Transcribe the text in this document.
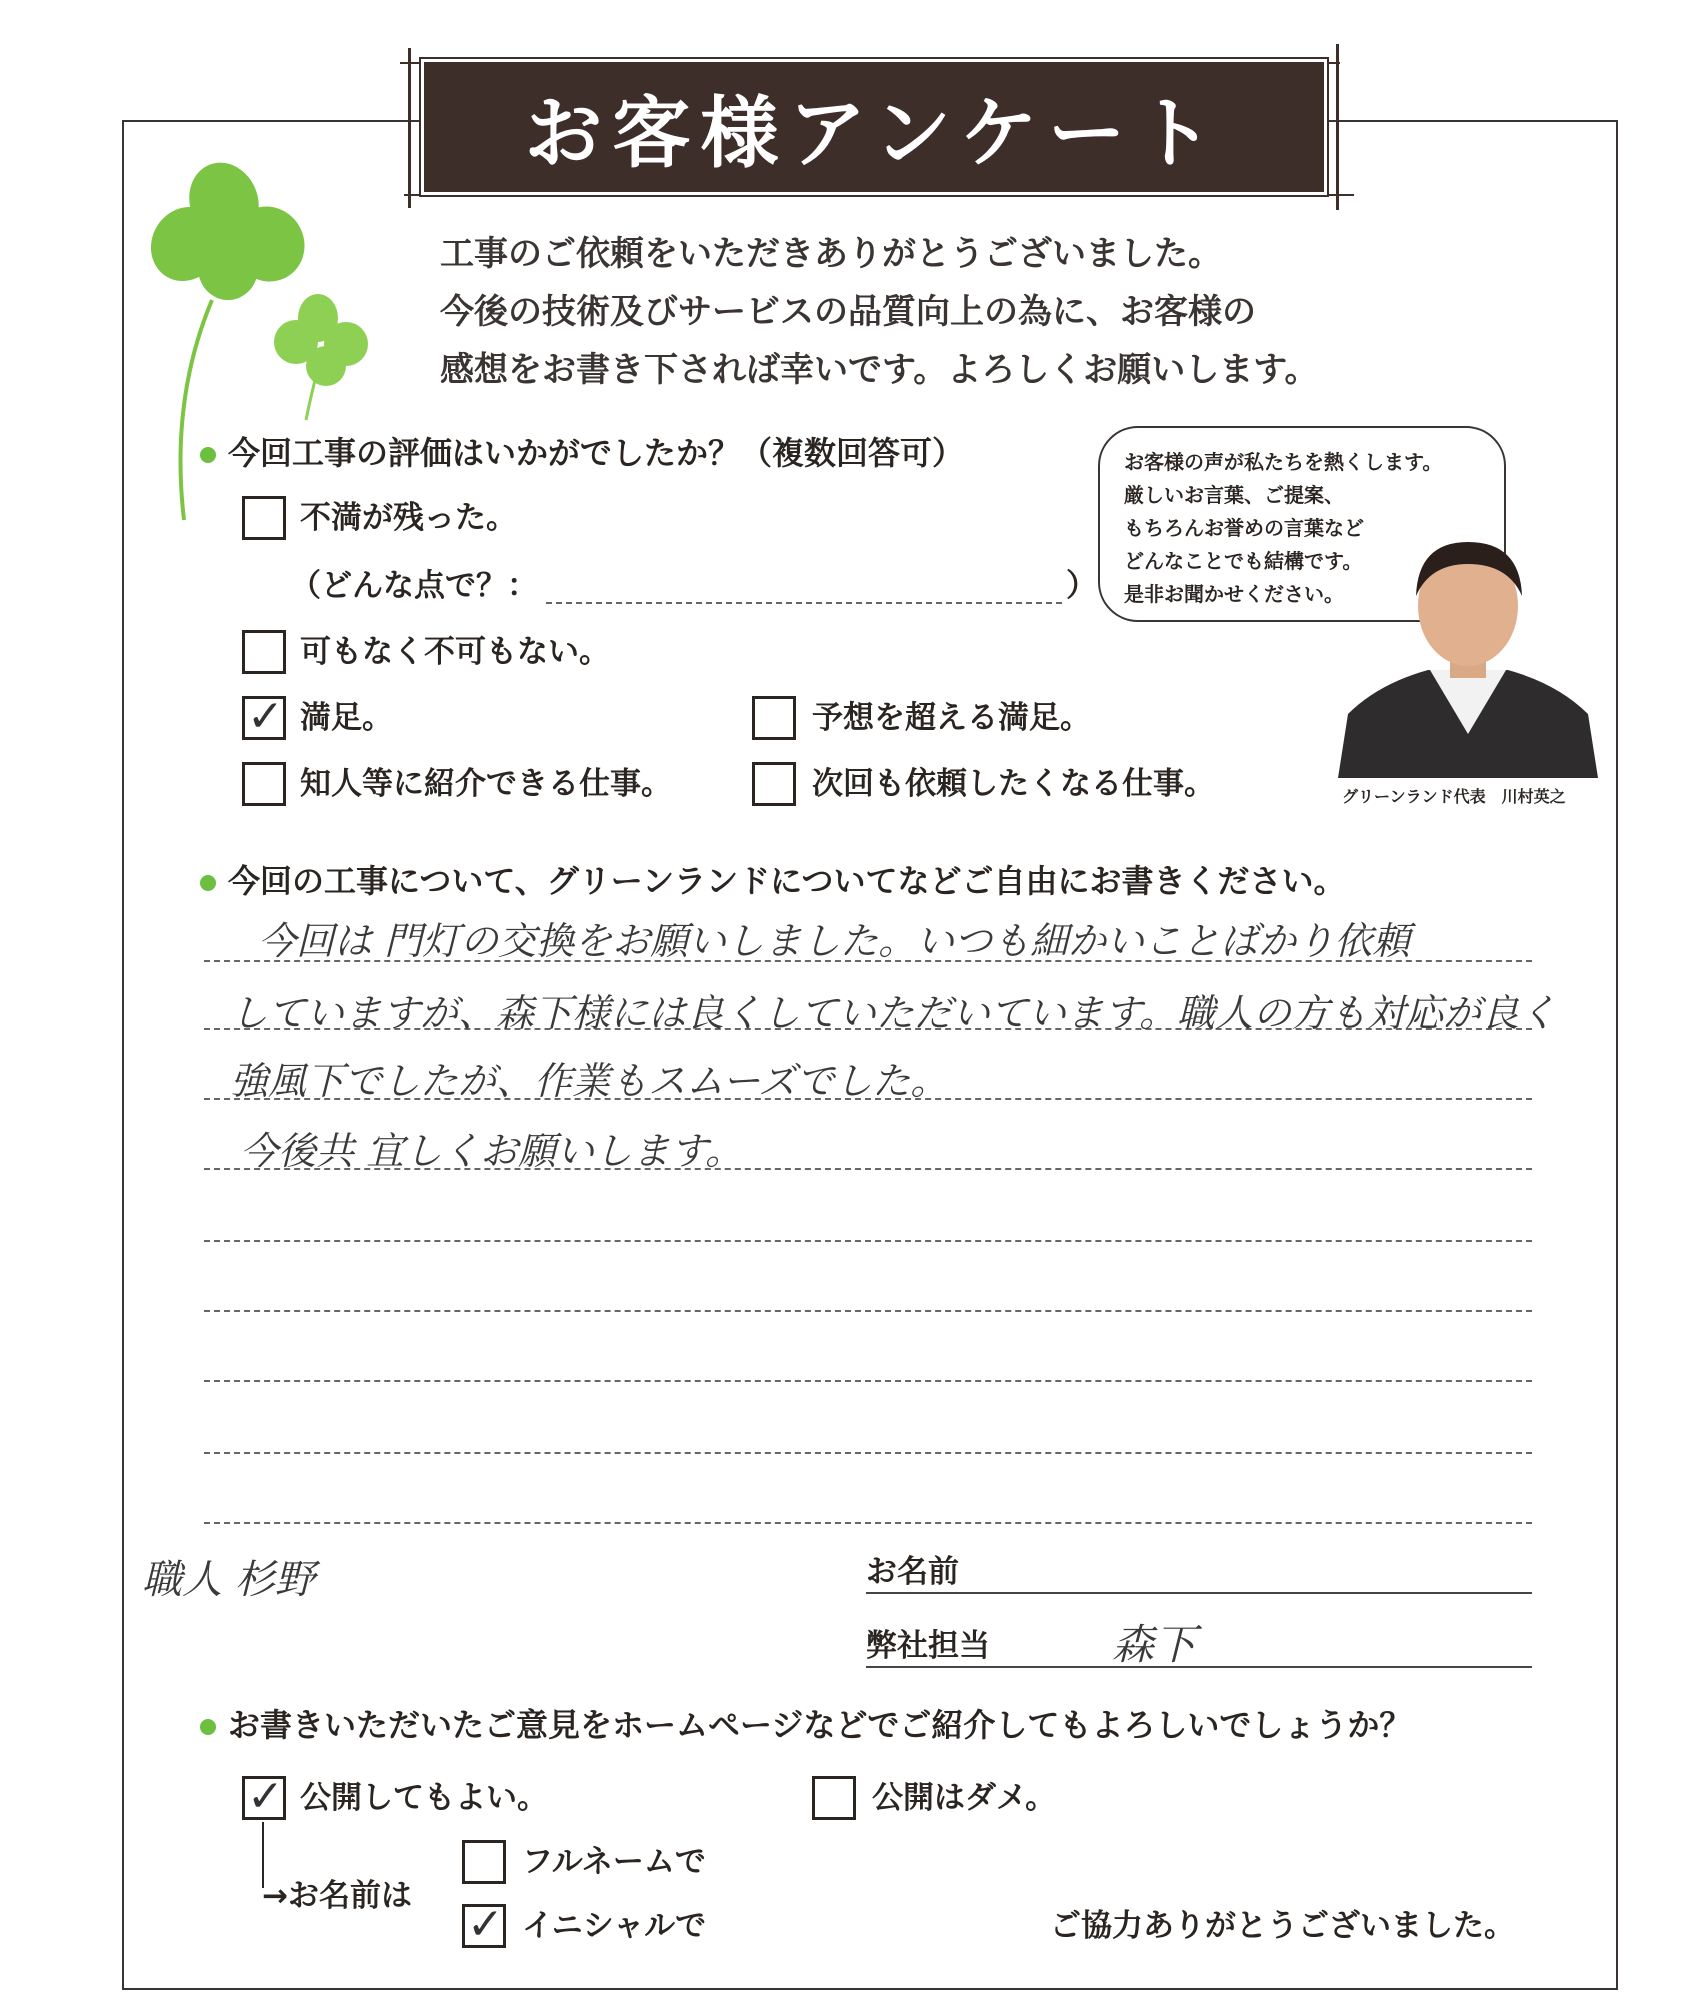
お客様アンケート
工事のご依頼をいただきありがとうございました。
今後の技術及びサービスの品質向上の為に、お客様の
感想をお書き下されば幸いです。よろしくお願いします。
今回工事の評価はいかがでしたか？（複数回答可）
不満が残った。
（どんな点で？：	）
可もなく不可もない。
✓ 満足。	予想を超える満足。
知人等に紹介できる仕事。	次回も依頼したくなる仕事。
お客様の声が私たちを熱くします。
厳しいお言葉、ご提案、
もちろんお誉めの言葉など
どんなことでも結構です。
是非お聞かせください。
グリーンランド代表　川村英之
今回の工事について、グリーンランドについてなどご自由にお書きください。
今回は 門灯の交換をお願いしました。いつも細かいことばかり依頼
していますが、森下様には良くしていただいています。職人の方も対応が良く
強風下でしたが、作業もスムーズでした。
今後共 宜しくお願いします。
職人 杉野	お名前
弊社担当	森下
お書きいただいたご意見をホームページなどでご紹介してもよろしいでしょうか？
✓ 公開してもよい。	公開はダメ。
→お名前は
フルネームで
✓ イニシャルで	ご協力ありがとうございました。
